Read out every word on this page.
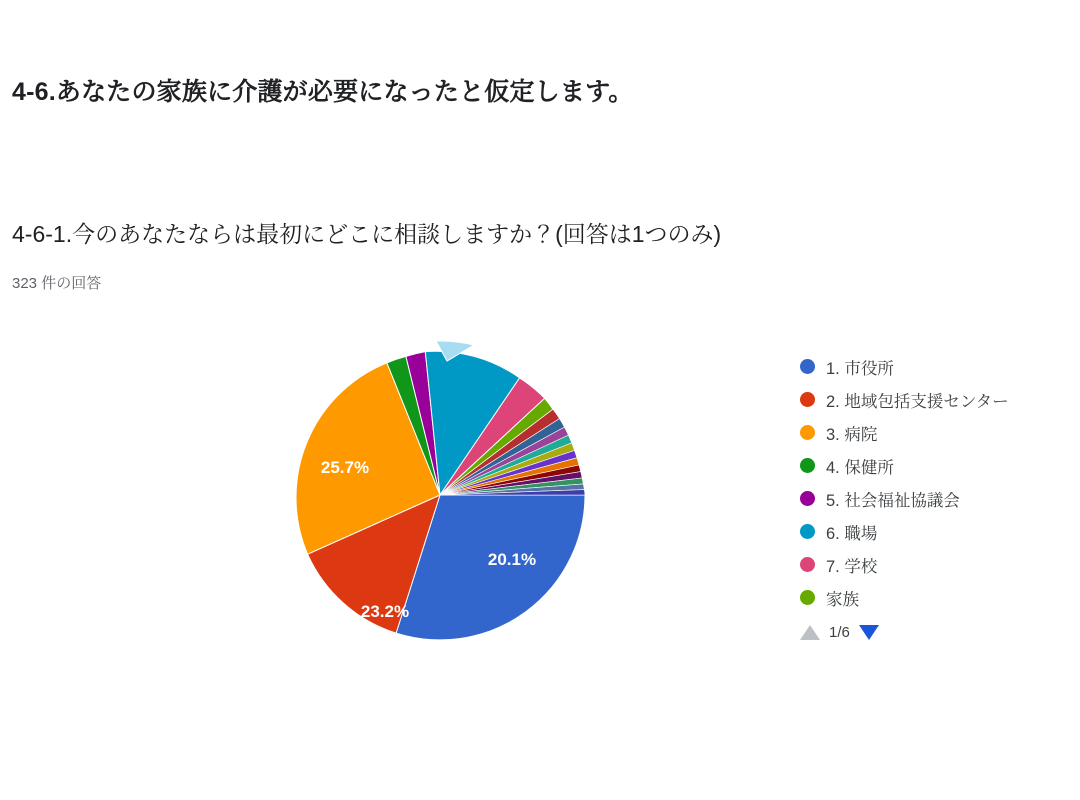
4-6.あなたの家族に介護が必要になったと仮定します。
4-6-1.今のあなたならは最初にどこに相談しますか？(回答は1つのみ)
323 件の回答
20.1%
23.2%
25.7%
1. 市役所
2. 地域包括支援センター
3. 病院
4. 保健所
5. 社会福祉協議会
6. 職場
7. 学校
家族
1/6
